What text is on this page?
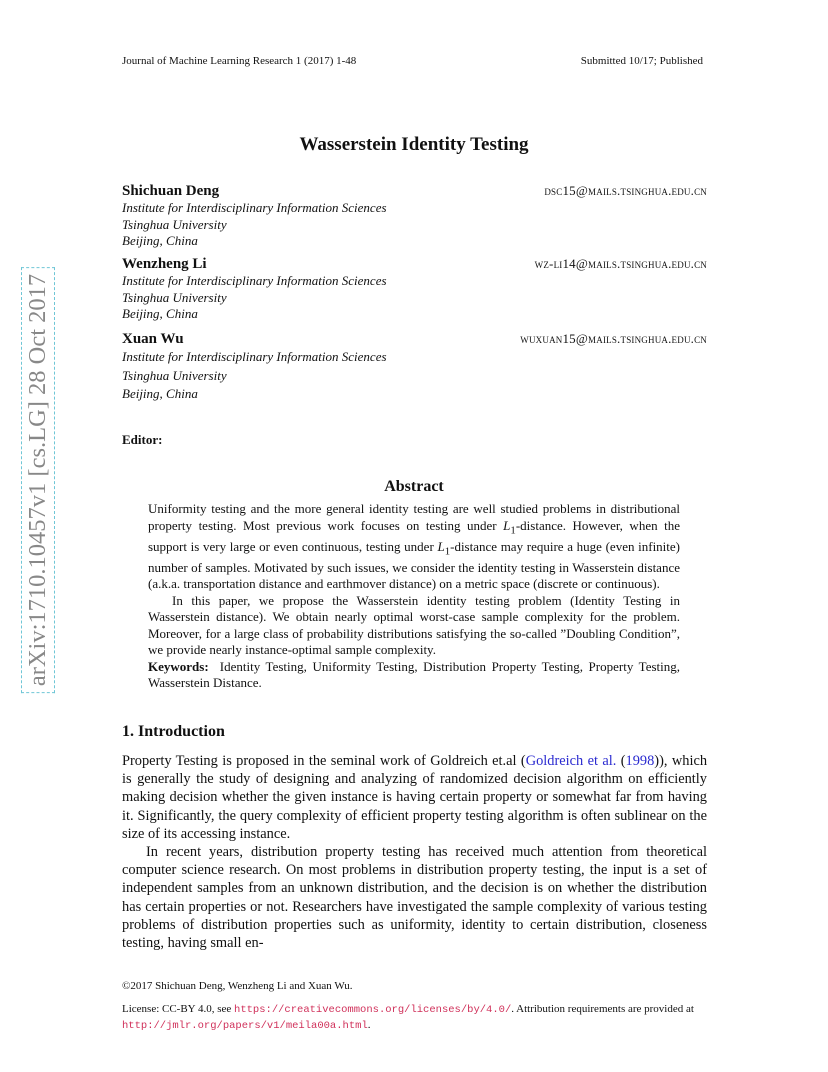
Journal of Machine Learning Research 1 (2017) 1-48	Submitted 10/17; Published
Wasserstein Identity Testing
Shichuan Deng	dsc15@mails.tsinghua.edu.cn
Institute for Interdisciplinary Information Sciences
Tsinghua University
Beijing, China
Wenzheng Li	wz-li14@mails.tsinghua.edu.cn
Institute for Interdisciplinary Information Sciences
Tsinghua University
Beijing, China
Xuan Wu	wuxuan15@mails.tsinghua.edu.cn
Institute for Interdisciplinary Information Sciences
Tsinghua University
Beijing, China
Editor:
Abstract

Uniformity testing and the more general identity testing are well studied problems in distributional property testing. Most previous work focuses on testing under $L_1$-distance. However, when the support is very large or even continuous, testing under $L_1$-distance may require a huge (even infinite) number of samples. Motivated by such issues, we consider the identity testing in Wasserstein distance (a.k.a. transportation distance and earthmover distance) on a metric space (discrete or continuous).

In this paper, we propose the Wasserstein identity testing problem (Identity Testing in Wasserstein distance). We obtain nearly optimal worst-case sample complexity for the problem. Moreover, for a large class of probability distributions satisfying the so-called ”Doubling Condition”, we provide nearly instance-optimal sample complexity.

Keywords: Identity Testing, Uniformity Testing, Distribution Property Testing, Property Testing, Wasserstein Distance.

1. Introduction

Property Testing is proposed in the seminal work of Goldreich et.al (Goldreich et al. (1998)), which is generally the study of designing and analyzing of randomized decision algorithm on efficiently making decision whether the given instance is having certain property or somewhat far from having it. Significantly, the query complexity of efficient property testing algorithm is often sublinear on the size of its accessing instance.

In recent years, distribution property testing has received much attention from theoretical computer science research. On most problems in distribution property testing, the input is a set of independent samples from an unknown distribution, and the decision is on whether the distribution has certain properties or not. Researchers have investigated the sample complexity of various testing problems of distribution properties such as uniformity, identity to certain distribution, closeness testing, having small en-

©2017 Shichuan Deng, Wenzheng Li and Xuan Wu.
License: CC-BY 4.0, see https://creativecommons.org/licenses/by/4.0/. Attribution requirements are provided at http://jmlr.org/papers/v1/meila00a.html.
arXiv:1710.10457v1 [cs.LG] 28 Oct 2017
